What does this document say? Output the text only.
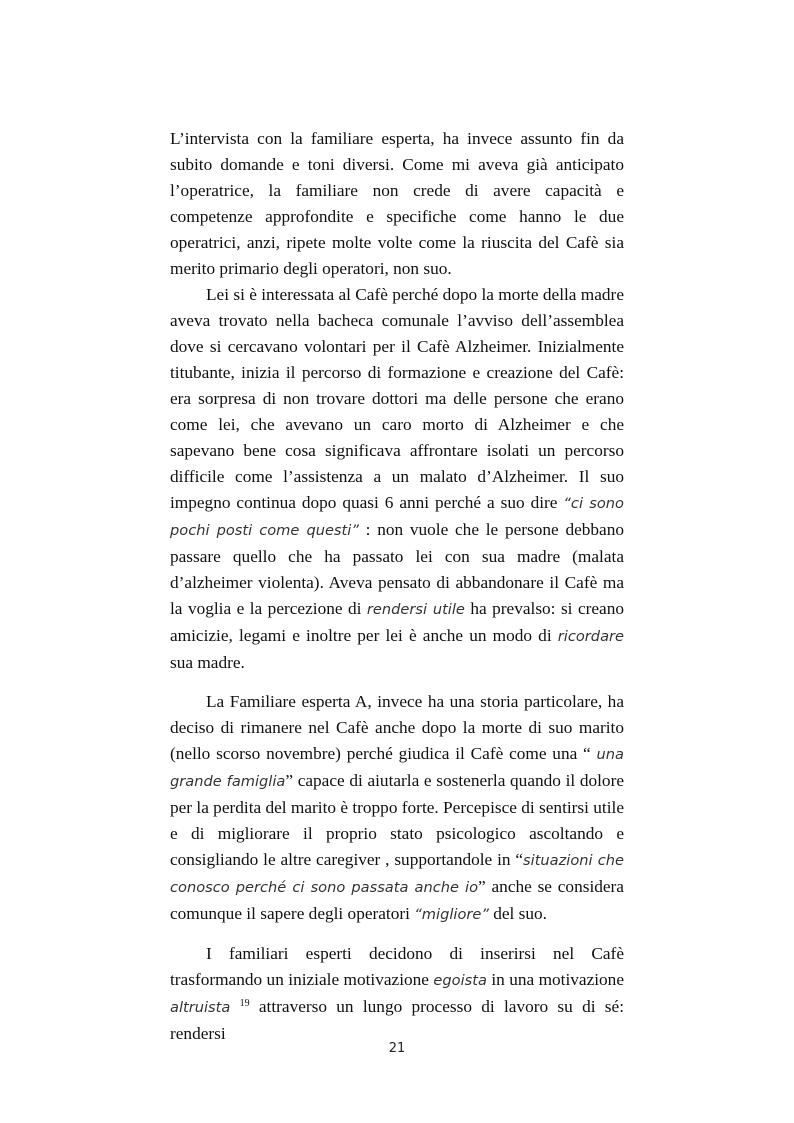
L’intervista con la familiare esperta, ha invece assunto fin da subito domande e toni diversi. Come mi aveva già anticipato l’operatrice, la familiare non crede di avere capacità e competenze approfondite e specifiche come hanno le due operatrici, anzi, ripete molte volte come la riuscita del Cafè sia merito primario degli operatori, non suo.

Lei si è interessata al Cafè perché dopo la morte della madre aveva trovato nella bacheca comunale l’avviso dell’assemblea dove si cercavano volontari per il Cafè Alzheimer. Inizialmente titubante, inizia il percorso di formazione e creazione del Cafè: era sorpresa di non trovare dottori ma delle persone che erano come lei, che avevano un caro morto di Alzheimer e che sapevano bene cosa significava affrontare isolati un percorso difficile come l’assistenza a un malato d’Alzheimer. Il suo impegno continua dopo quasi 6 anni perché a suo dire “ci sono pochi posti come questi” : non vuole che le persone debbano passare quello che ha passato lei con sua madre (malata d’alzheimer violenta). Aveva pensato di abbandonare il Cafè ma la voglia e la percezione di rendersi utile ha prevalso: si creano amicizie, legami e inoltre per lei è anche un modo di ricordare sua madre.

La Familiare esperta A, invece ha una storia particolare, ha deciso di rimanere nel Cafè anche dopo la morte di suo marito (nello scorso novembre) perché giudica il Cafè come una “ una grande famiglia” capace di aiutarla e sostenerla quando il dolore per la perdita del marito è troppo forte. Percepisce di sentirsi utile e di migliorare il proprio stato psicologico ascoltando e consigliando le altre caregiver , supportandole in “situazioni che conosco perché ci sono passata anche io” anche se considera comunque il sapere degli operatori “migliore” del suo.

I familiari esperti decidono di inserirsi nel Cafè trasformando un iniziale motivazione egoista in una motivazione altruista $^{19}$ attraverso un lungo processo di lavoro su di sé: rendersi

21
